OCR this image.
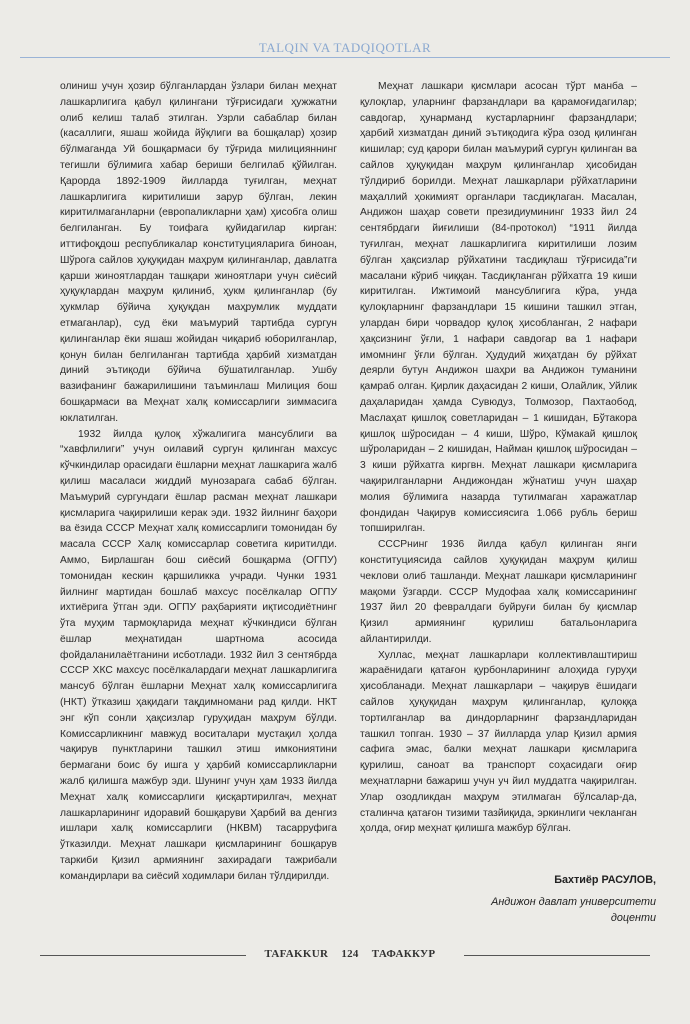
TALQIN VA TADQIQOTLAR

олиниш учун ҳозир бўлганлардан ўзлари билан меҳнат лашкарлигига қабул қилингани тўғрисидаги ҳужжатни олиб келиш талаб этилган. Узрли сабаблар билан (касаллиги, яшаш жойида йўқлиги ва бошқалар) ҳозир бўлмаганда Уй бошқармаси бу тўғрида милицияннинг тегишли бўлимига хабар бериши белгилаб қўйилган. Қарорда 1892-1909 йилларда туғилган, меҳнат лашкарлигига киритилиши зарур бўлган, лекин киритилмаганларни (европаликларни ҳам) ҳисобга олиш белгиланган. Бу тоифага қуйидагилар кирган: иттифоқдош республикалар конституцияларига биноан, Шўрога сайлов ҳуқуқидан маҳрум қилинганлар, давлатга қарши жиноятлардан ташқари жиноятлари учун сиёсий ҳуқуқлардан маҳрум қилиниб, ҳукм қилинганлар (бу ҳукмлар бўйича ҳуқуқдан маҳрумлик муддати етмаганлар), суд ёки маъмурий тартибда сургун қилинганлар ёки яшаш жойидан чиқариб юборилганлар, қонун билан белгиланган тартибда ҳарбий хизматдан диний эътиқоди бўйича бўшатилганлар. Ушбу вазифанинг бажарилишини таъминлаш Милиция бош бошқармаси ва Меҳнат халқ комиссарлиги зиммасига юклатилган.

1932 йилда қулоқ хўжалигига мансублиги ва “хавфлилиги” учун оилавий сургун қилинган махсус кўчкиндилар орасидаги ёшларни меҳнат лашкарига жалб қилиш масаласи жиддий мунозарага сабаб бўлган. Маъмурий сургундаги ёшлар расман меҳнат лашкари қисмларига чақирилиши керак эди. 1932 йилнинг баҳори ва ёзида СССР Меҳнат халқ комиссарлиги томонидан бу масала СССР Халқ комиссарлар советига киритилди. Аммо, Бирлашган бош сиёсий бошқарма (ОГПУ) томонидан кескин қаршиликка учради. Чунки 1931 йилнинг мартидан бошлаб махсус посёлкалар ОГПУ ихтиёрига ўтган эди. ОГПУ раҳбарияти иқтисодиётнинг ўта муҳим тармоқларида меҳнат кўчкиндиси бўлган ёшлар меҳнатидан шартнома асосида фойдаланилаётганини исботлади. 1932 йил 3 сентябрда СССР ХКС махсус посёлкалардаги меҳнат лашкарлигига мансуб бўлган ёшларни Меҳнат халқ комиссарлигига (НКТ) ўтказиш ҳақидаги тақдимномани рад қилди. НКТ энг кўп сонли ҳақсизлар гуруҳидан маҳрум бўлди. Комиссарликнинг мавжуд воситалари мустақил ҳолда чақирув пунктларини ташкил этиш имкониятини бермагани боис бу ишга у ҳарбий комиссарликларни жалб қилишга мажбур эди. Шунинг учун ҳам 1933 йилда Меҳнат халқ комиссарлиги қисқартирилгач, меҳнат лашкарларининг идоравий бошқаруви Ҳарбий ва денгиз ишлари халқ комиссарлиги (НКВМ) тасарруфига ўтказилди. Меҳнат лашкари қисмларининг бошқарув таркиби Қизил армиянинг захирадаги тажрибали командирлари ва сиёсий ходимлари билан тўлдирилди.

Меҳнат лашкари қисмлари асосан тўрт манба – қулоқлар, уларнинг фарзандлари ва қарамоғидагилар; савдогар, ҳунарманд кустарларнинг фарзандлари; ҳарбий хизматдан диний эътиқодига кўра озод қилинган кишилар; суд қарори билан маъмурий сургун қилинган ва сайлов ҳуқуқидан маҳрум қилинганлар ҳисобидан тўлдириб борилди. Меҳнат лашкарлари рўйхатларини маҳаллий ҳокимият органлари тасдиқлаган. Масалан, Андижон шаҳар совети президиумининг 1933 йил 24 сентябрдаги йиғилиши (84-протокол) “1911 йилда туғилган, меҳнат лашкарлигига киритилиши лозим бўлган ҳақсизлар рўйхатини тасдиқлаш тўғрисида”ги масалани кўриб чиққан. Тасдиқланган рўйхатга 19 киши киритилган. Ижтимоий мансублигига кўра, унда қулоқларнинг фарзандлари 15 кишини ташкил этган, улардан бири чорвадор қулоқ ҳисобланган, 2 нафари ҳақсизнинг ўғли, 1 нафари савдогар ва 1 нафари имомнинг ўғли бўлган. Ҳудудий жиҳатдан бу рўйхат деярли бутун Андижон шаҳри ва Андижон туманини қамраб олган. Қирлик даҳасидан 2 киши, Олайлик, Уйлик даҳаларидан ҳамда Сувюдуз, Толмозор, Пахтаобод, Маслаҳат қишлоқ советларидан – 1 кишидан, Бўтакора қишлоқ шўросидан – 4 киши, Шўро, Кўмакай қишлоқ шўроларидан – 2 кишидан, Найман қишлоқ шўросидан – 3 киши рўйхатга киргвн. Меҳнат лашкари қисмларига чақирилганларни Андижондан жўнатиш учун шаҳар молия бўлимига назарда тутилмаган харажатлар фондидан Чақирув комиссиясига 1.066 рубль бериш топширилган.

СССРнинг 1936 йилда қабул қилинган янги конституциясида сайлов ҳуқуқидан маҳрум қилиш чеклови олиб ташланди. Меҳнат лашкари қисмларининг мақоми ўзгарди. СССР Мудофаа халқ комиссарининг 1937 йил 20 февралдаги буйруғи билан бу қисмлар Қизил армиянинг қурилиш батальонларига айлантирилди.

Хуллас, меҳнат лашкарлари коллективлаштириш жараёнидаги қатағон қурбонларининг алоҳида гуруҳи ҳисобланади. Меҳнат лашкарлари – чақирув ёшидаги сайлов ҳуқуқидан маҳрум қилинганлар, қулоққа тортилганлар ва диндорларнинг фарзандларидан ташкил топган. 1930 – 37 йилларда улар Қизил армия сафига эмас, балки меҳнат лашкари қисмларига қурилиш, саноат ва транспорт соҳасидаги оғир меҳнатларни бажариш учун уч йил муддатга чақирилган. Улар озодликдан маҳрум этилмаган бўлсалар-да, сталинча қатағон тизими тазйиқида, эркинлиги чекланган ҳолда, оғир меҳнат қилишга мажбур бўлган.

Бахтиёр РАСУЛОВ,
Андижон давлат университети
доценти
TAFAKKUR 124 ТАФАККУР
